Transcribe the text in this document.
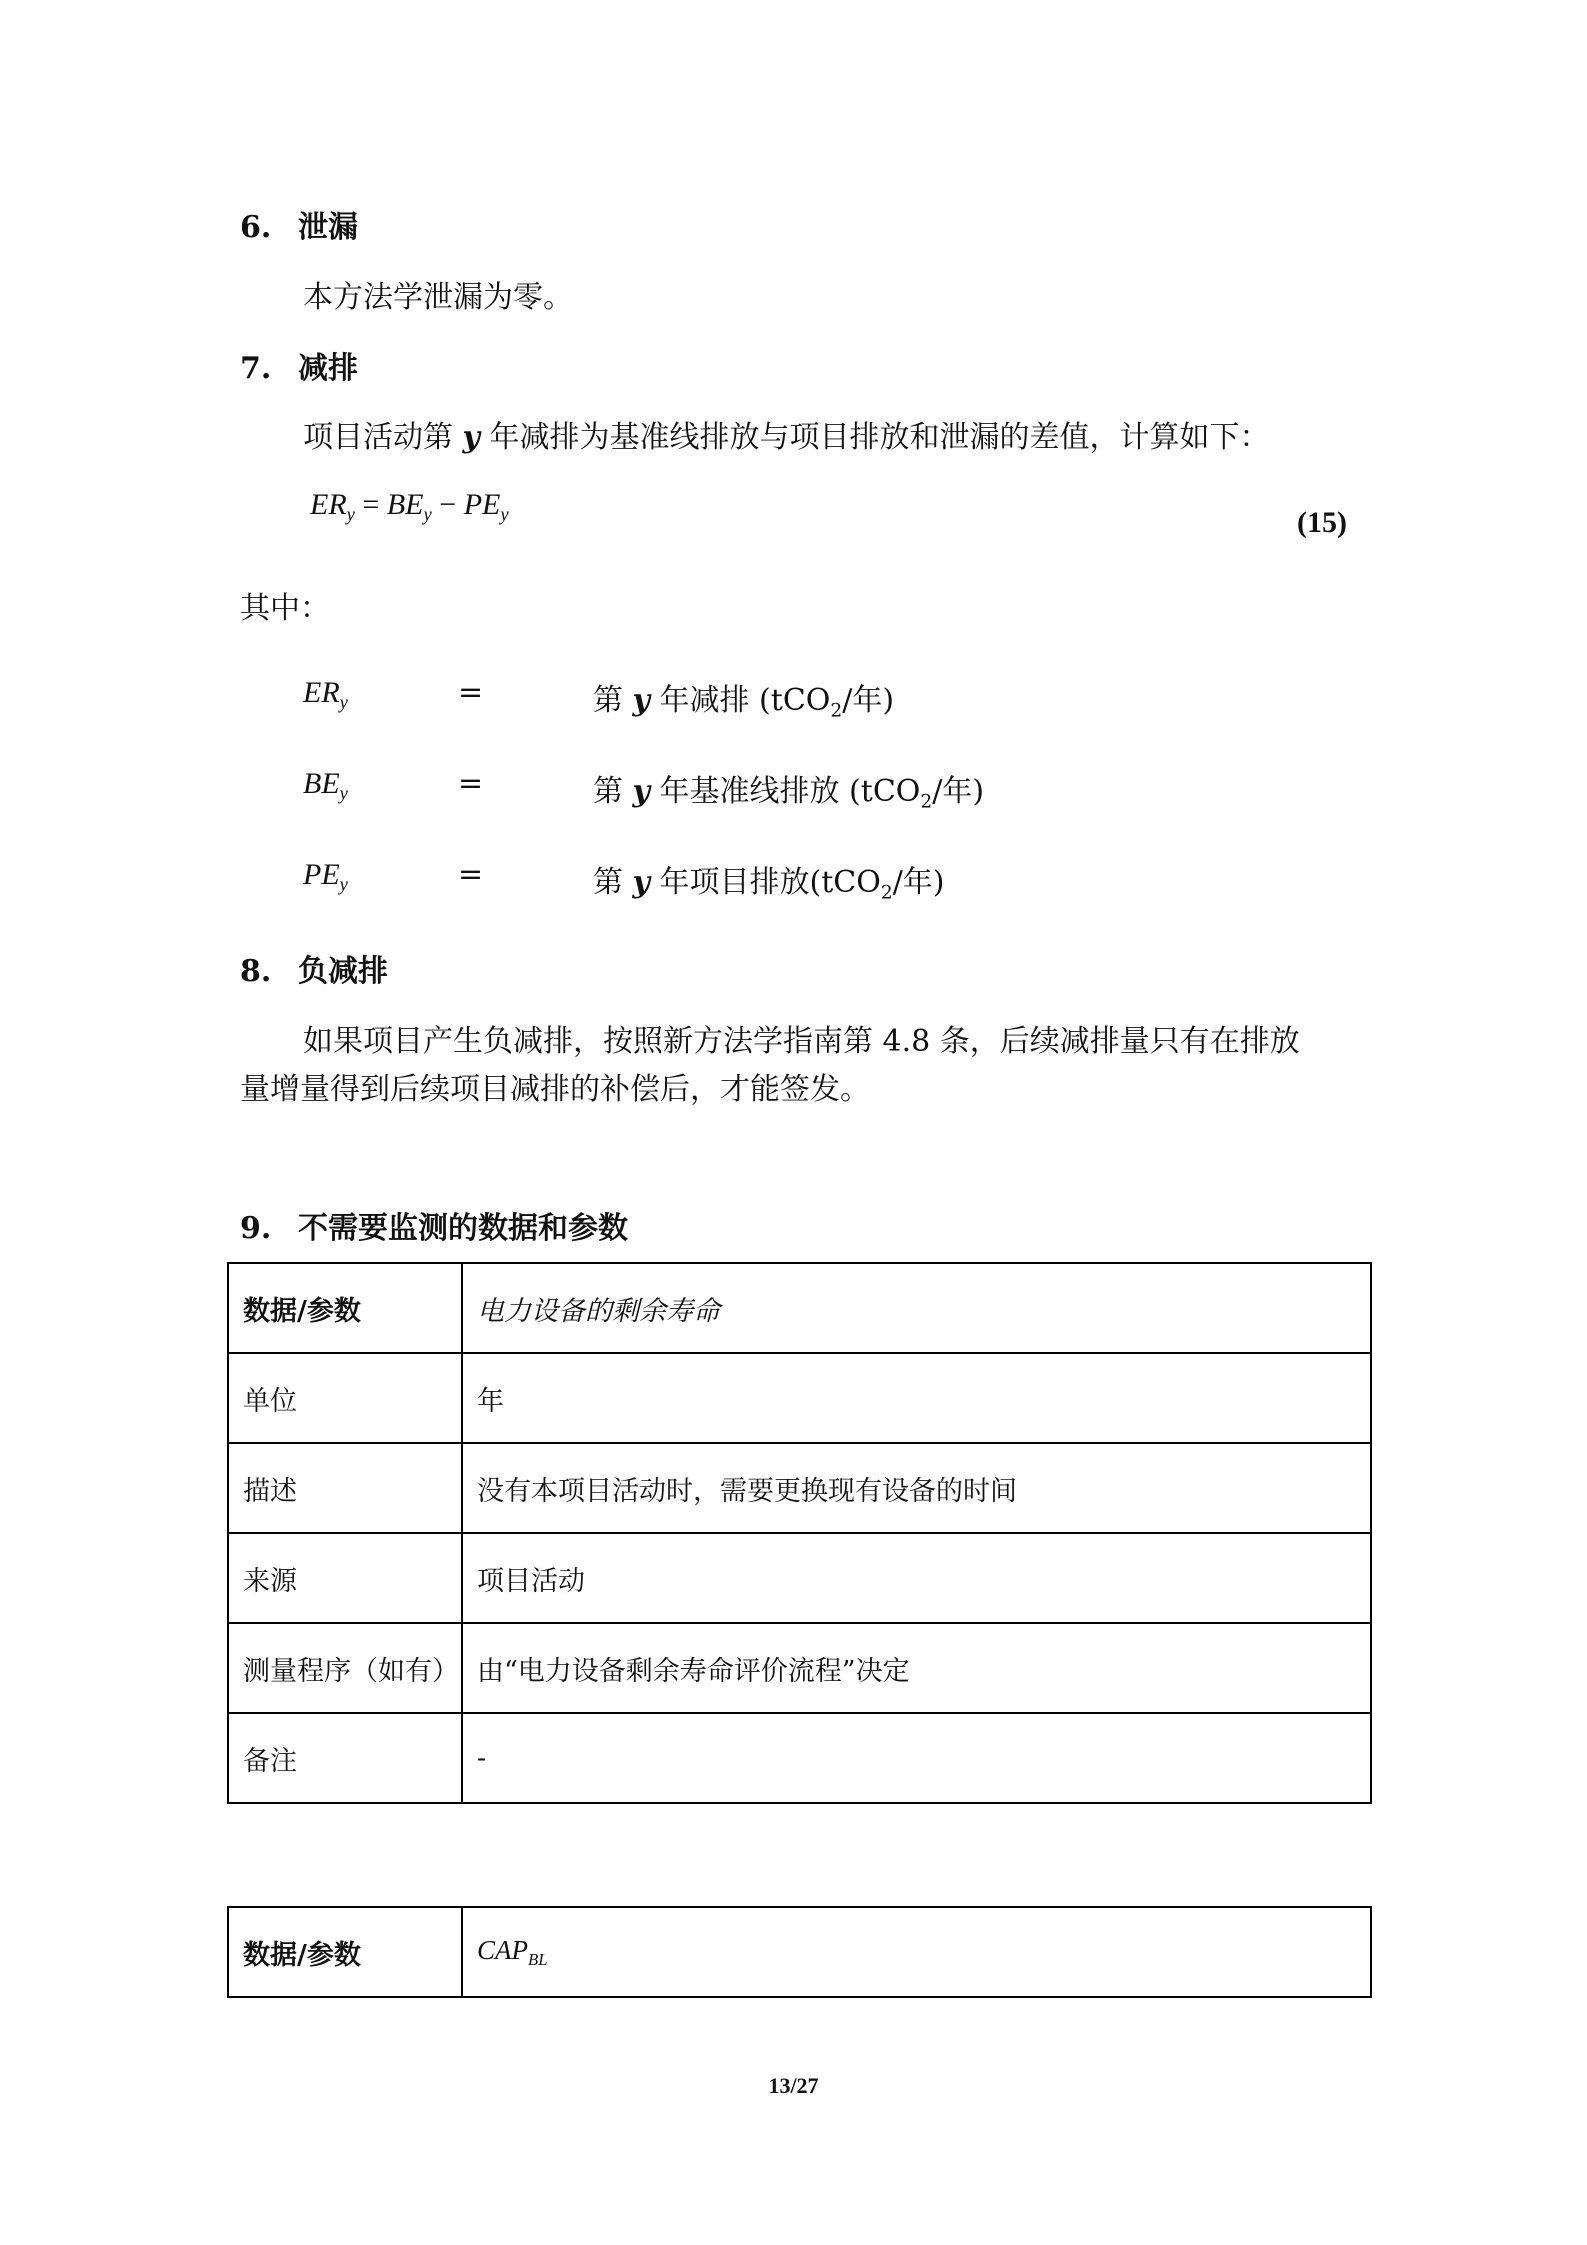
6. 泄漏
本方法学泄漏为零。
7. 减排
项目活动第 y 年减排为基准线排放与项目排放和泄漏的差值，计算如下：
$ER_y = BE_y - PE_y$	(15)
其中：
$ER_y$	=	第 y 年减排 (tCO$_2$/年)
$BE_y$	=	第 y 年基准线排放 (tCO$_2$/年)
$PE_y$	=	第 y 年项目排放(tCO$_2$/年)
8. 负减排
如果项目产生负减排，按照新方法学指南第 4.8 条，后续减排量只有在排放
量增量得到后续项目减排的补偿后，才能签发。
9. 不需要监测的数据和参数
数据/参数	电力设备的剩余寿命
单位	年
描述	没有本项目活动时，需要更换现有设备的时间
来源	项目活动
测量程序（如有）	由“电力设备剩余寿命评价流程”决定
备注	-
数据/参数	$CAP_{BL}$
13/27
